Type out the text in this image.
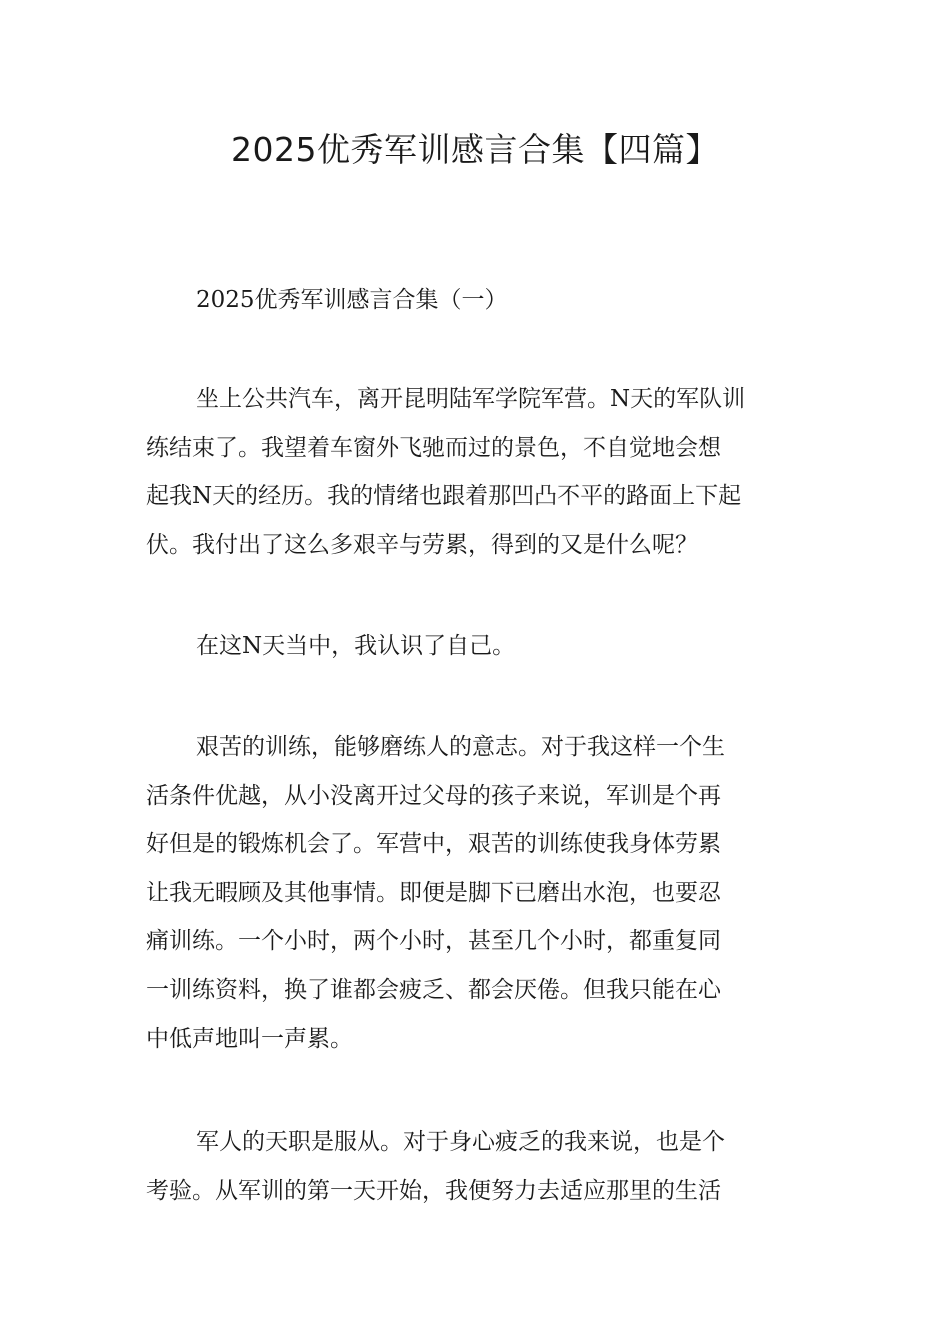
2025优秀军训感言合集【四篇】
2025优秀军训感言合集（一）
坐上公共汽车，离开昆明陆军学院军营。N天的军队训
练结束了。我望着车窗外飞驰而过的景色，不自觉地会想
起我N天的经历。我的情绪也跟着那凹凸不平的路面上下起
伏。我付出了这么多艰辛与劳累，得到的又是什么呢？
在这N天当中，我认识了自己。
艰苦的训练，能够磨练人的意志。对于我这样一个生
活条件优越，从小没离开过父母的孩子来说，军训是个再
好但是的锻炼机会了。军营中，艰苦的训练使我身体劳累
让我无暇顾及其他事情。即便是脚下已磨出水泡，也要忍
痛训练。一个小时，两个小时，甚至几个小时，都重复同
一训练资料，换了谁都会疲乏、都会厌倦。但我只能在心
中低声地叫一声累。
军人的天职是服从。对于身心疲乏的我来说，也是个
考验。从军训的第一天开始，我便努力去适应那里的生活
